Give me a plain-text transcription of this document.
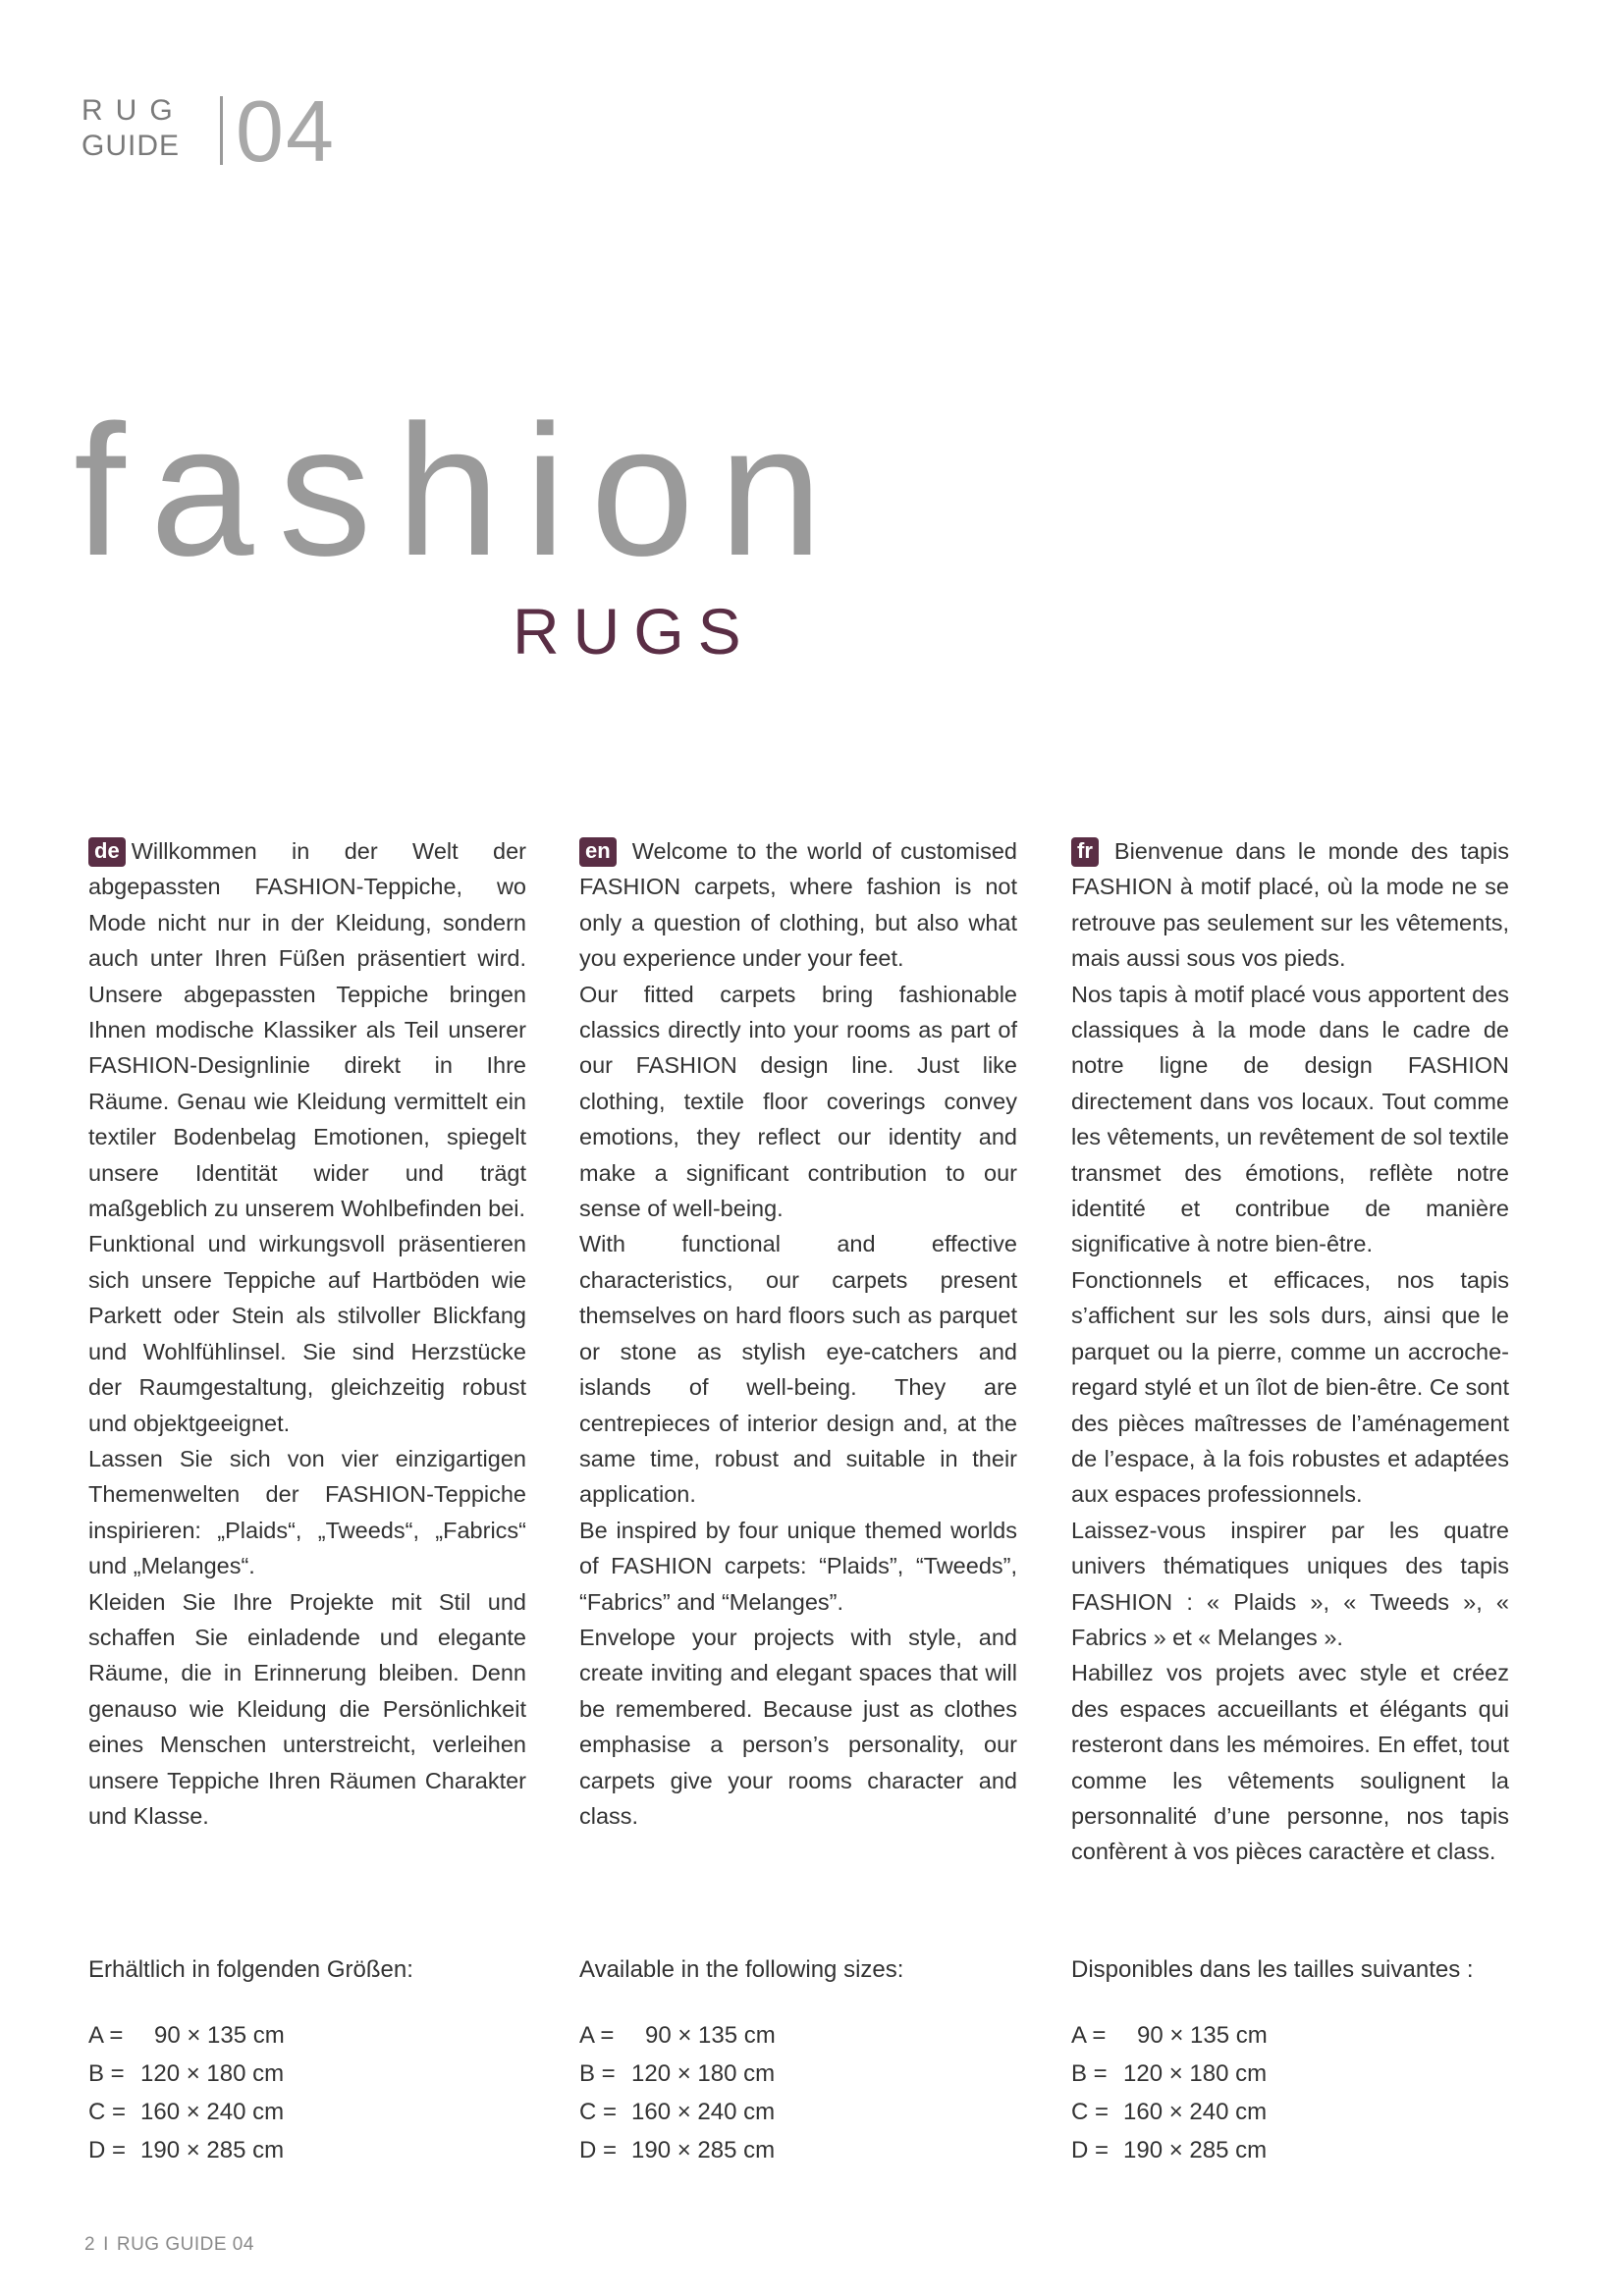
RUG
GUIDE 04
fashion
RUGS

de Willkommen in der Welt der abgepassten FASHION-Teppiche, wo Mode nicht nur in der Kleidung, sondern auch unter Ihren Füßen präsentiert wird. Unsere abgepassten Teppiche bringen Ihnen modische Klassiker als Teil unserer FASHION-Designlinie direkt in Ihre Räume. Genau wie Kleidung vermittelt ein textiler Bodenbelag Emotionen, spiegelt unsere Identität wider und trägt maßgeblich zu unserem Wohlbefinden bei.

Funktional und wirkungsvoll präsentieren sich unsere Teppiche auf Hartböden wie Parkett oder Stein als stilvoller Blickfang und Wohlfühlinsel. Sie sind Herzstücke der Raumgestaltung, gleichzeitig robust und objektgeeignet.

Lassen Sie sich von vier einzigartigen Themenwelten der FASHION-Teppiche inspirieren: „Plaids“, „Tweeds“, „Fabrics“ und „Melanges“.

Kleiden Sie Ihre Projekte mit Stil und schaffen Sie einladende und elegante Räume, die in Erinnerung bleiben. Denn genauso wie Kleidung die Persönlichkeit eines Menschen unterstreicht, verleihen unsere Teppiche Ihren Räumen Charakter und Klasse.

en Welcome to the world of customised FASHION carpets, where fashion is not only a question of clothing, but also what you experience under your feet.

Our fitted carpets bring fashionable classics directly into your rooms as part of our FASHION design line. Just like clothing, textile floor coverings convey emotions, they reflect our identity and make a significant contribution to our sense of well-being.

With functional and effective characteristics, our carpets present themselves on hard floors such as parquet or stone as stylish eye-catchers and islands of well-being. They are centrepieces of interior design and, at the same time, robust and suitable in their application.

Be inspired by four unique themed worlds of FASHION carpets: “Plaids”, “Tweeds”, “Fabrics” and “Melanges”.

Envelope your projects with style, and create inviting and elegant spaces that will be remembered. Because just as clothes emphasise a person’s personality, our carpets give your rooms character and class.

fr Bienvenue dans le monde des tapis FASHION à motif placé, où la mode ne se retrouve pas seulement sur les vêtements, mais aussi sous vos pieds.

Nos tapis à motif placé vous apportent des classiques à la mode dans le cadre de notre ligne de design FASHION directement dans vos locaux. Tout comme les vêtements, un revêtement de sol textile transmet des émotions, reflète notre identité et contribue de manière significative à notre bien-être.

Fonctionnels et efficaces, nos tapis s’affichent sur les sols durs, ainsi que le parquet ou la pierre, comme un accroche-regard stylé et un îlot de bien-être. Ce sont des pièces maîtresses de l’aménagement de l’espace, à la fois robustes et adaptées aux espaces professionnels.

Laissez-vous inspirer par les quatre univers thématiques uniques des tapis FASHION : « Plaids », « Tweeds », « Fabrics » et « Melanges ».

Habillez vos projets avec style et créez des espaces accueillants et élégants qui resteront dans les mémoires. En effet, tout comme les vêtements soulignent la personnalité d’une personne, nos tapis confèrent à vos pièces caractère et class.

Erhältlich in folgenden Größen:
A = 90 × 135 cm
B = 120 × 180 cm
C = 160 × 240 cm
D = 190 × 285 cm
Available in the following sizes:
A = 90 × 135 cm
B = 120 × 180 cm
C = 160 × 240 cm
D = 190 × 285 cm
Disponibles dans les tailles suivantes :
A = 90 × 135 cm
B = 120 × 180 cm
C = 160 × 240 cm
D = 190 × 285 cm
2 I RUG GUIDE 04
